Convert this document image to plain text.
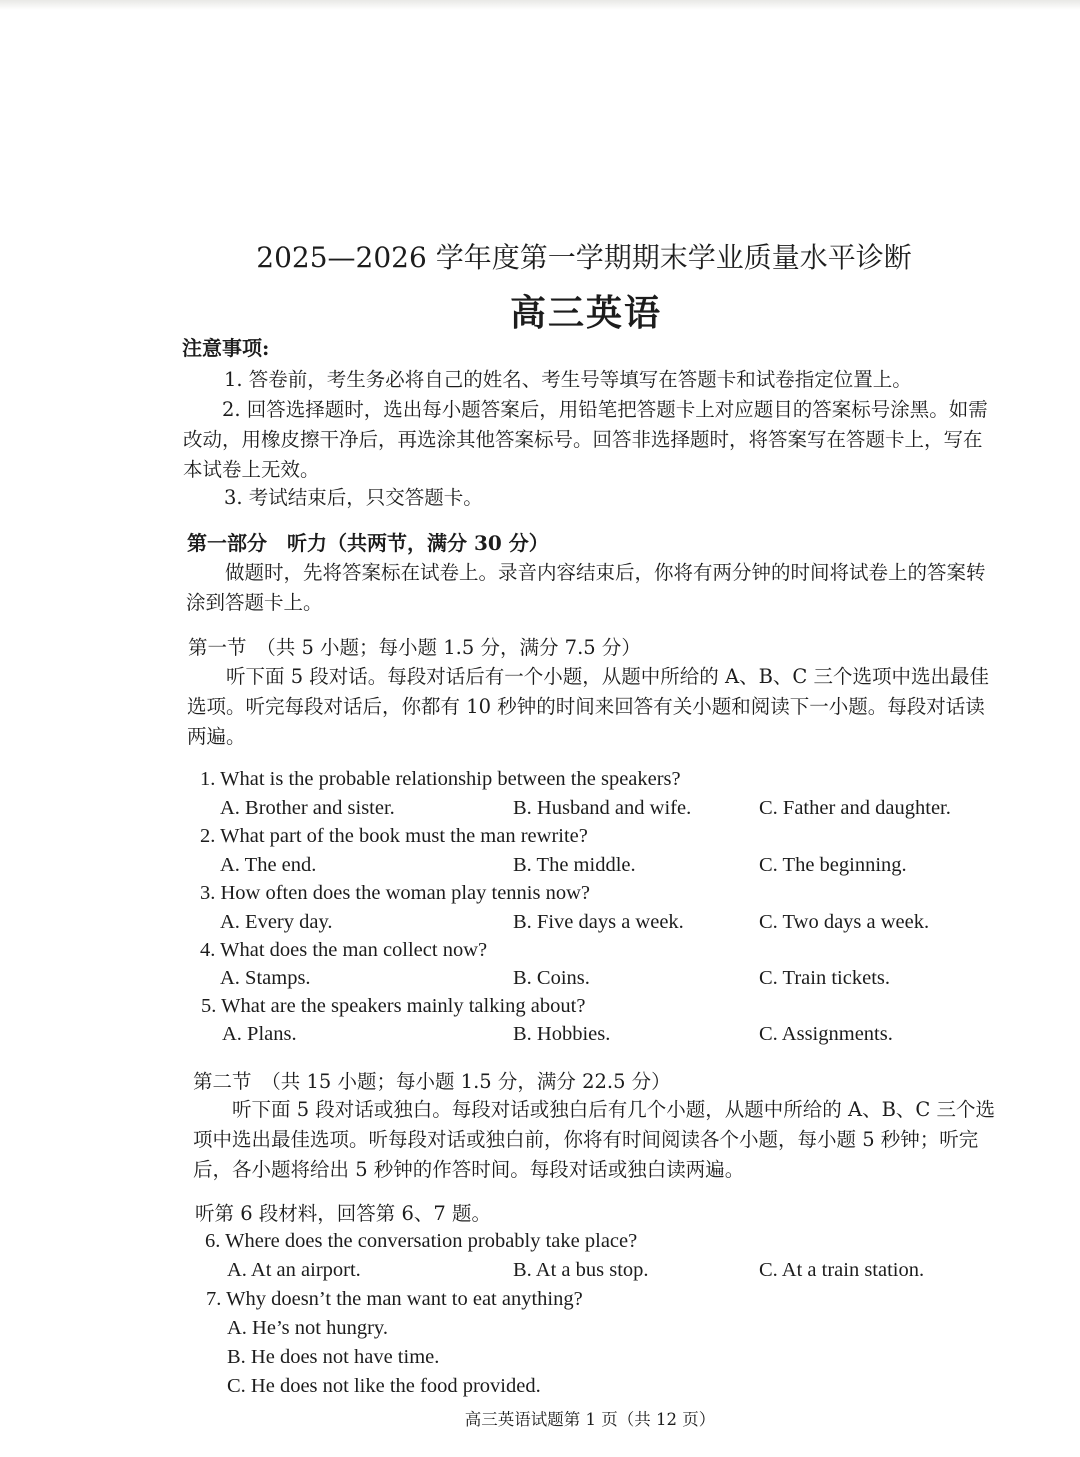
2025—2026 学年度第一学期期末学业质量水平诊断
高三英语
注意事项:
1. 答卷前，考生务必将自己的姓名、考生号等填写在答题卡和试卷指定位置上。
2. 回答选择题时，选出每小题答案后，用铅笔把答题卡上对应题目的答案标号涂黑。如需改动，用橡皮擦干净后，再选涂其他答案标号。回答非选择题时，将答案写在答题卡上，写在本试卷上无效。
3. 考试结束后，只交答题卡。
第一部分　听力（共两节，满分 30 分）
做题时，先将答案标在试卷上。录音内容结束后，你将有两分钟的时间将试卷上的答案转涂到答题卡上。
第一节　（共 5 小题；每小题 1.5 分，满分 7.5 分）
听下面 5 段对话。每段对话后有一个小题，从题中所给的 A、B、C 三个选项中选出最佳选项。听完每段对话后，你都有 10 秒钟的时间来回答有关小题和阅读下一小题。每段对话读两遍。
1. What is the probable relationship between the speakers?
A. Brother and sister.	B. Husband and wife.	C. Father and daughter.
2. What part of the book must the man rewrite?
A. The end.	B. The middle.	C. The beginning.
3. How often does the woman play tennis now?
A. Every day.	B. Five days a week.	C. Two days a week.
4. What does the man collect now?
A. Stamps.	B. Coins.	C. Train tickets.
5. What are the speakers mainly talking about?
A. Plans.	B. Hobbies.	C. Assignments.
第二节　（共 15 小题；每小题 1.5 分，满分 22.5 分）
听下面 5 段对话或独白。每段对话或独白后有几个小题，从题中所给的 A、B、C 三个选项中选出最佳选项。听每段对话或独白前，你将有时间阅读各个小题，每小题 5 秒钟；听完后，各小题将给出 5 秒钟的作答时间。每段对话或独白读两遍。
听第 6 段材料，回答第 6、7 题。
6. Where does the conversation probably take place?
A. At an airport.	B. At a bus stop.	C. At a train station.
7. Why doesn’t the man want to eat anything?
A. He’s not hungry.
B. He does not have time.
C. He does not like the food provided.
高三英语试题第 1 页（共 12 页）
